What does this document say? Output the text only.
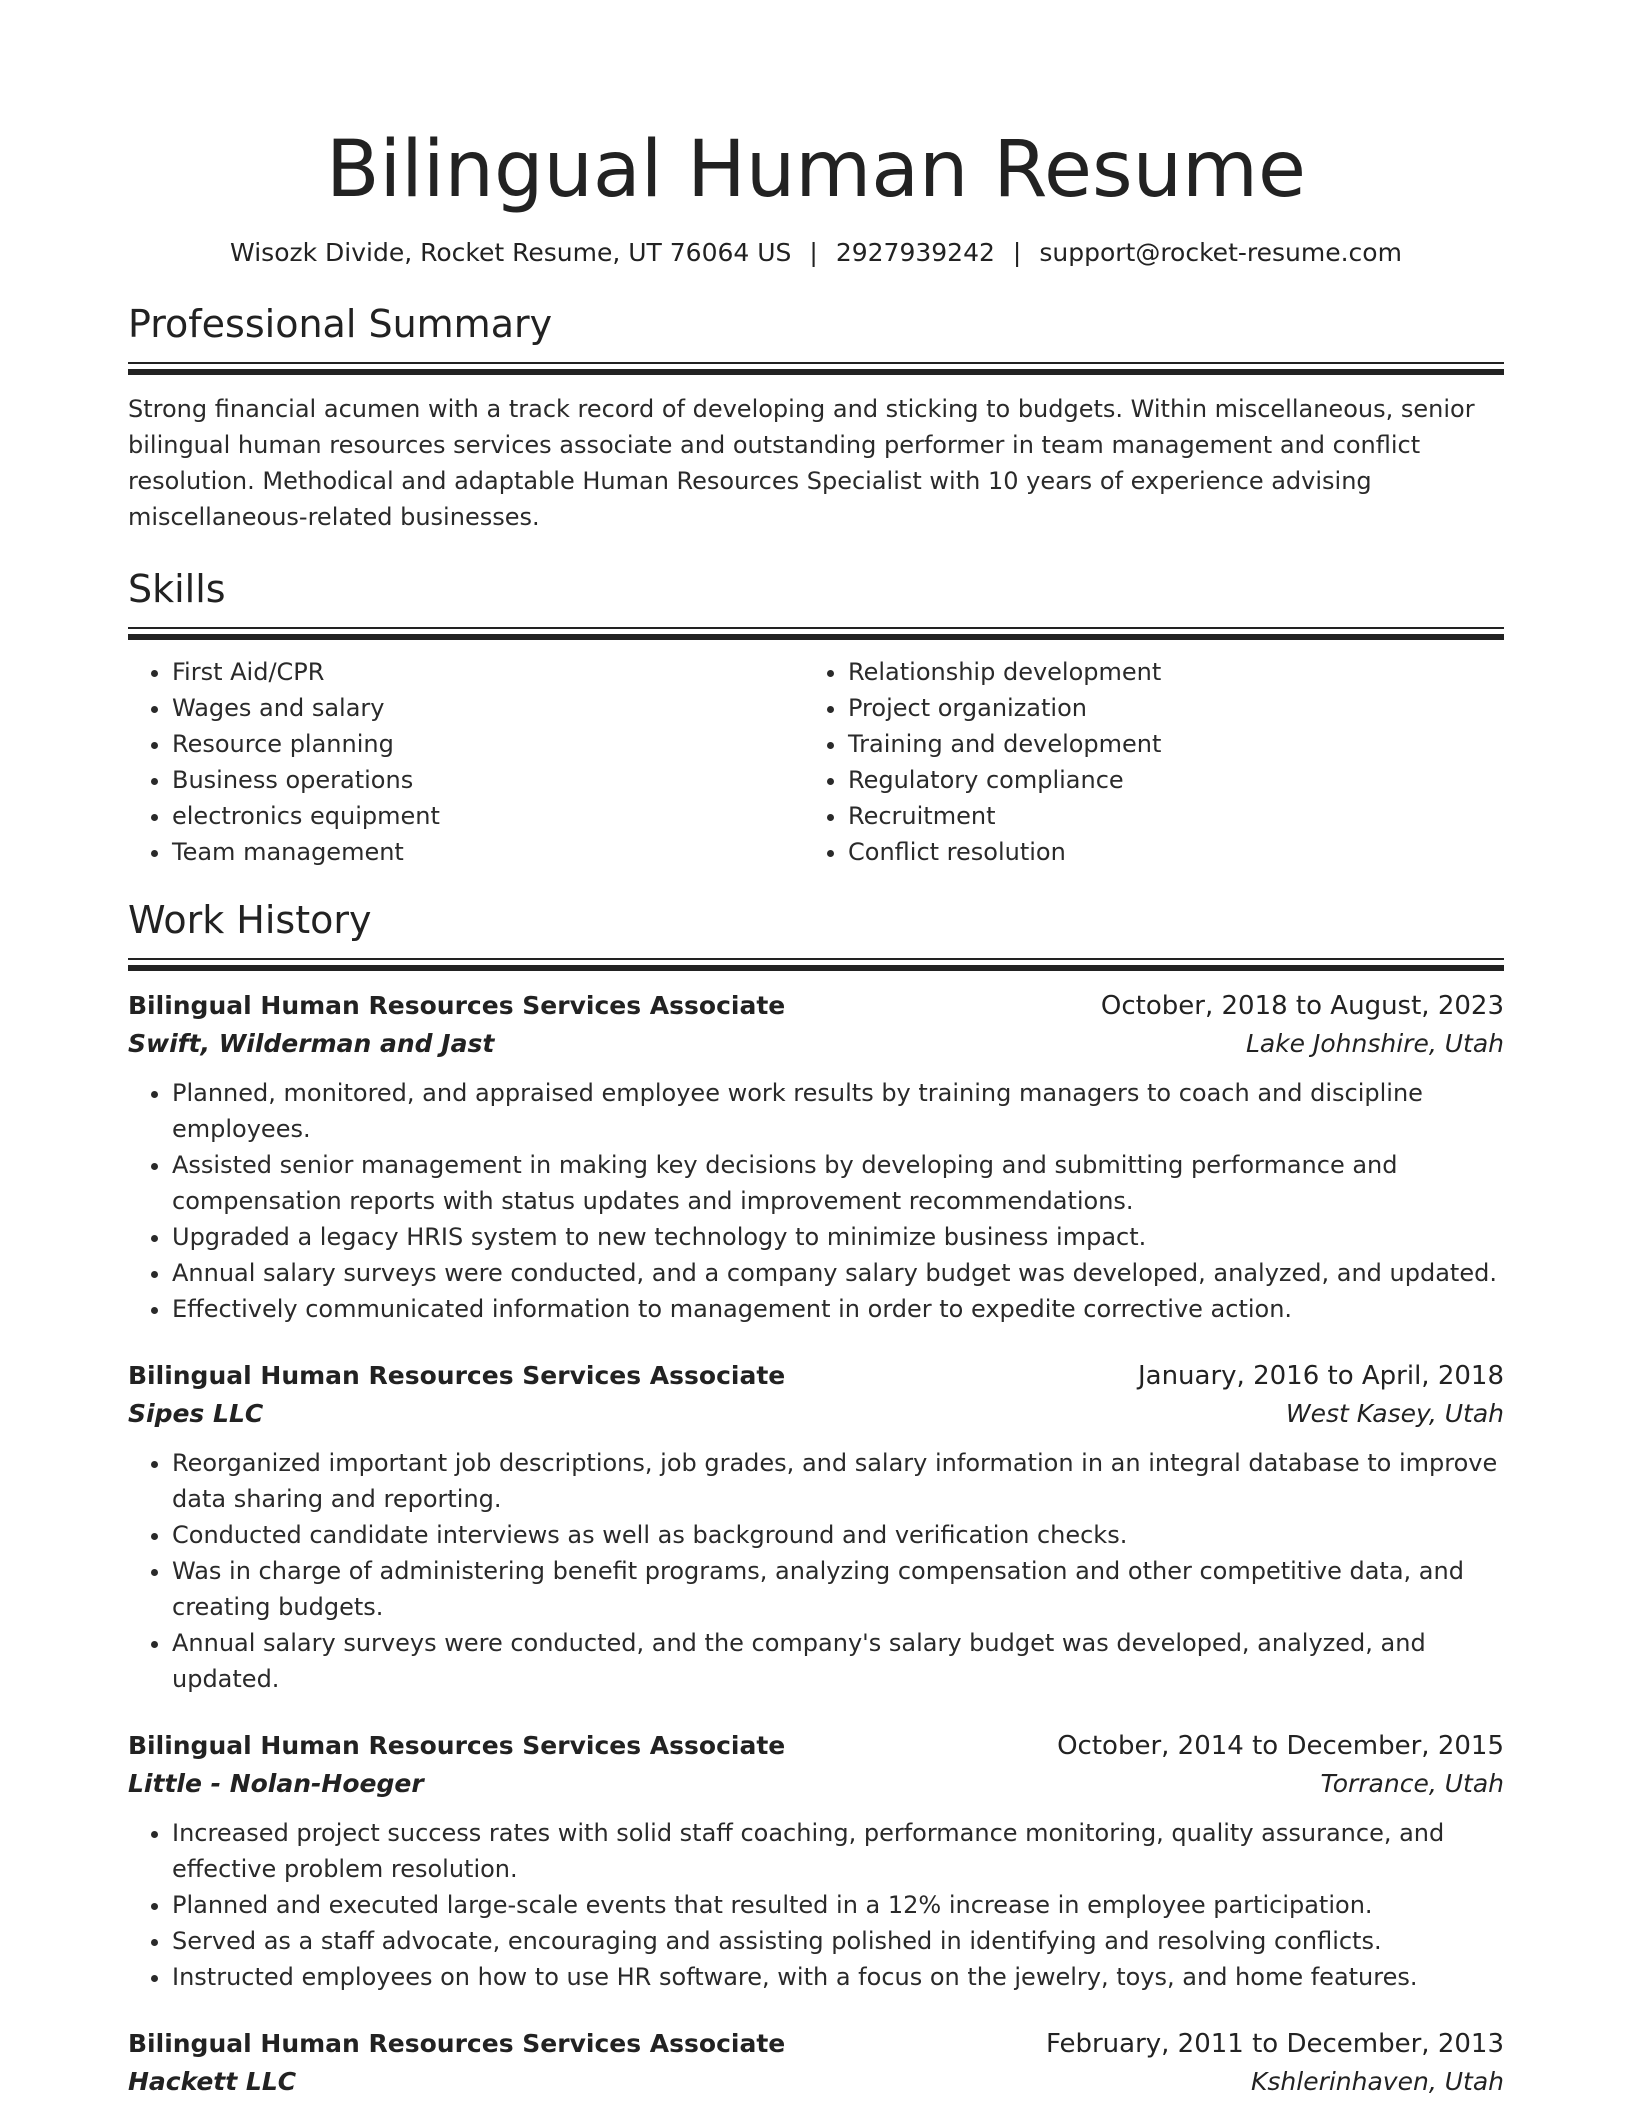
Bilingual Human Resume
Wisozk Divide, Rocket Resume, UT 76064 US | 2927939242 | support@rocket-resume.com
Professional Summary
Strong financial acumen with a track record of developing and sticking to budgets. Within miscellaneous, senior bilingual human resources services associate and outstanding performer in team management and conflict resolution. Methodical and adaptable Human Resources Specialist with 10 years of experience advising miscellaneous-related businesses.
Skills
• First Aid/CPR
• Wages and salary
• Resource planning
• Business operations
• electronics equipment
• Team management
• Relationship development
• Project organization
• Training and development
• Regulatory compliance
• Recruitment
• Conflict resolution
Work History
Bilingual Human Resources Services Associate	October, 2018 to August, 2023
Swift, Wilderman and Jast	Lake Johnshire, Utah
• Planned, monitored, and appraised employee work results by training managers to coach and discipline employees.
• Assisted senior management in making key decisions by developing and submitting performance and compensation reports with status updates and improvement recommendations.
• Upgraded a legacy HRIS system to new technology to minimize business impact.
• Annual salary surveys were conducted, and a company salary budget was developed, analyzed, and updated.
• Effectively communicated information to management in order to expedite corrective action.
Bilingual Human Resources Services Associate	January, 2016 to April, 2018
Sipes LLC	West Kasey, Utah
• Reorganized important job descriptions, job grades, and salary information in an integral database to improve data sharing and reporting.
• Conducted candidate interviews as well as background and verification checks.
• Was in charge of administering benefit programs, analyzing compensation and other competitive data, and creating budgets.
• Annual salary surveys were conducted, and the company's salary budget was developed, analyzed, and updated.
Bilingual Human Resources Services Associate	October, 2014 to December, 2015
Little - Nolan-Hoeger	Torrance, Utah
• Increased project success rates with solid staff coaching, performance monitoring, quality assurance, and effective problem resolution.
• Planned and executed large-scale events that resulted in a 12% increase in employee participation.
• Served as a staff advocate, encouraging and assisting polished in identifying and resolving conflicts.
• Instructed employees on how to use HR software, with a focus on the jewelry, toys, and home features.
Bilingual Human Resources Services Associate	February, 2011 to December, 2013
Hackett LLC	Kshlerinhaven, Utah
